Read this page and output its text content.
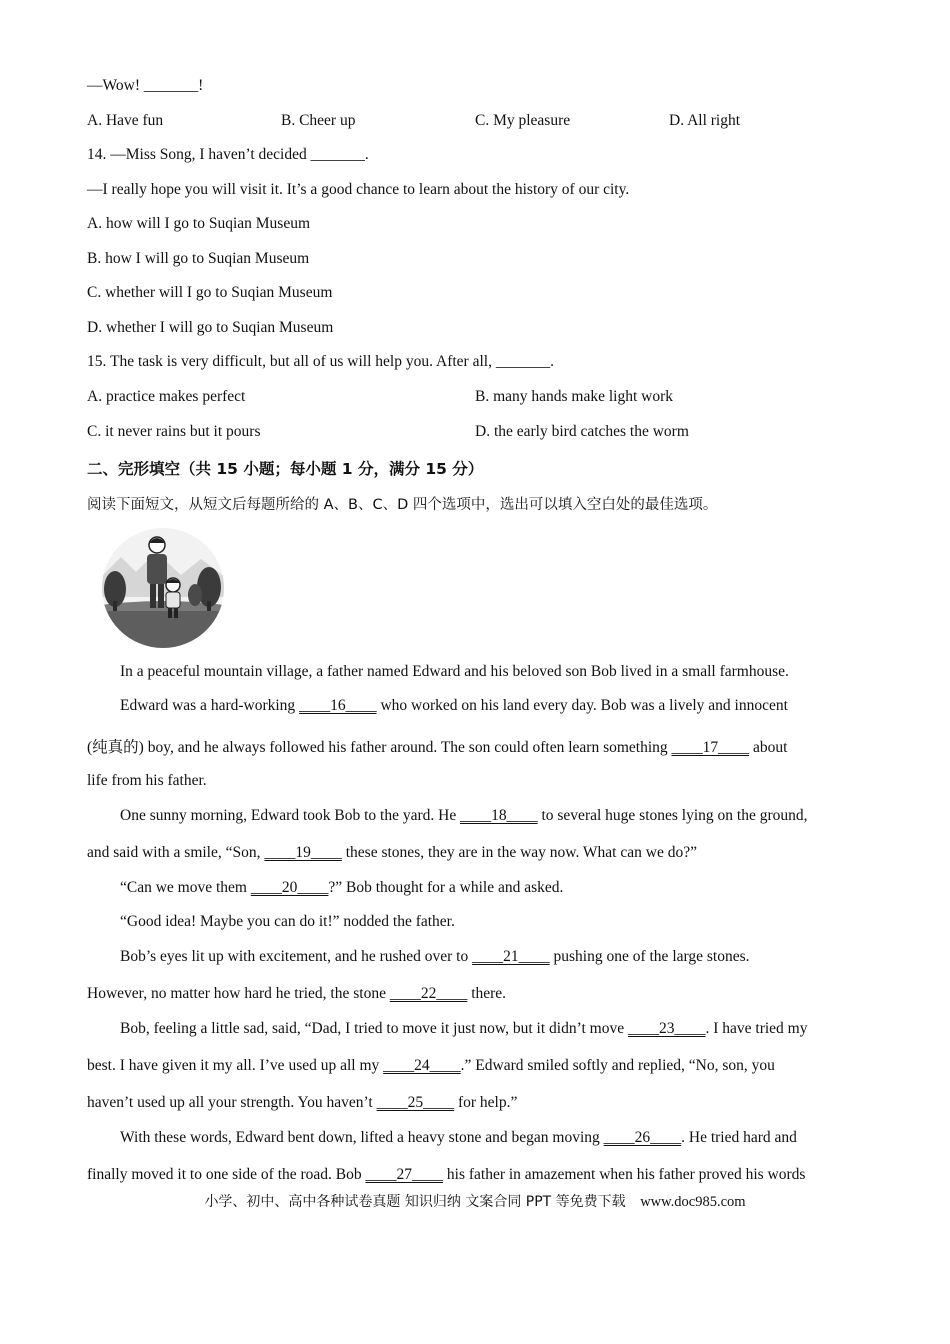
—Wow! _______!
A. Have fun	B. Cheer up	C. My pleasure	D. All right
14. —Miss Song, I haven’t decided _______.
—I really hope you will visit it. It’s a good chance to learn about the history of our city.
A. how will I go to Suqian Museum
B. how I will go to Suqian Museum
C. whether will I go to Suqian Museum
D. whether I will go to Suqian Museum
15. The task is very difficult, but all of us will help you. After all, _______.
A. practice makes perfect	B. many hands make light work
C. it never rains but it pours	D. the early bird catches the worm
二、完形填空（共 15 小题；每小题 1 分，满分 15 分）
阅读下面短文，从短文后每题所给的 A、B、C、D 四个选项中，选出可以填入空白处的最佳选项。
In a peaceful mountain village, a father named Edward and his beloved son Bob lived in a small farmhouse.
Edward was a hard-working ____16____ who worked on his land every day. Bob was a lively and innocent
(纯真的) boy, and he always followed his father around. The son could often learn something ____17____ about
life from his father.
One sunny morning, Edward took Bob to the yard. He ____18____ to several huge stones lying on the ground,
and said with a smile, “Son, ____19____ these stones, they are in the way now. What can we do?”
“Can we move them ____20____?” Bob thought for a while and asked.
“Good idea! Maybe you can do it!” nodded the father.
Bob’s eyes lit up with excitement, and he rushed over to ____21____ pushing one of the large stones.
However, no matter how hard he tried, the stone ____22____ there.
Bob, feeling a little sad, said, “Dad, I tried to move it just now, but it didn’t move ____23____. I have tried my
best. I have given it my all. I’ve used up all my ____24____.” Edward smiled softly and replied, “No, son, you
haven’t used up all your strength. You haven’t ____25____ for help.”
With these words, Edward bent down, lifted a heavy stone and began moving ____26____. He tried hard and
finally moved it to one side of the road. Bob ____27____ his father in amazement when his father proved his words
小学、初中、高中各种试卷真题 知识归纳 文案合同 PPT 等免费下载 www.doc985.com
